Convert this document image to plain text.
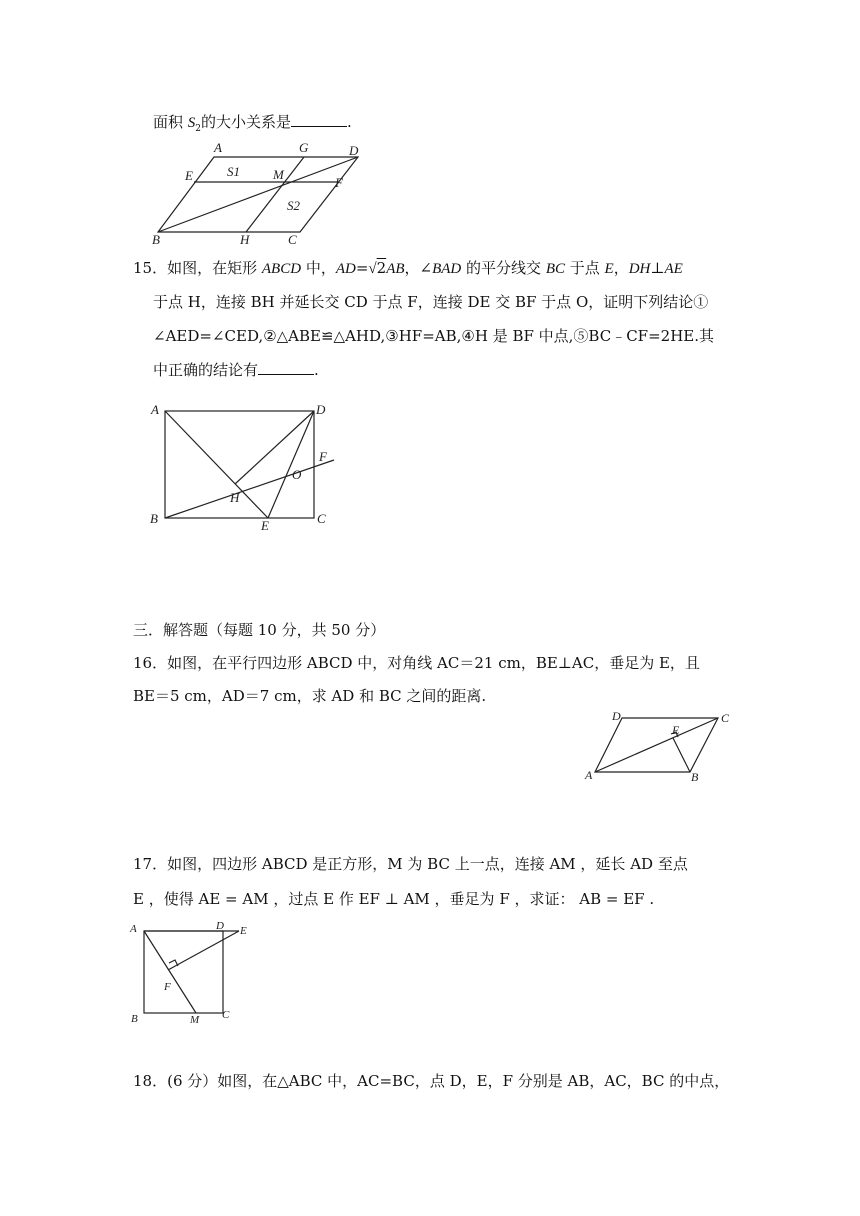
面积 $S_2$的大小关系是	.
A	G	D
E	S1	M
F
S2
B	H	C
15．如图，在矩形 ABCD 中，AD=√2AB，∠BAD 的平分线交 BC 于点 E，DH⊥AE
于点 H，连接 BH 并延长交 CD 于点 F，连接 DE 交 BF 于点 O，证明下列结论①
∠AED=∠CED,②△ABE≌△AHD,③HF=AB,④H 是 BF 中点,⑤BC﹣CF=2HE.其
中正确的结论有	.
A	D
F
O
H
B	E	C
三．解答题（每题 10 分，共 50 分）
16．如图，在平行四边形 ABCD 中，对角线 AC＝21 cm，BE⊥AC，垂足为 E，且
BE＝5 cm，AD＝7 cm，求 AD 和 BC 之间的距离.
D
E
C
A	B
17．如图，四边形 ABCD 是正方形，M 为 BC 上一点，连接 AM ，延长 AD 至点
E ，使得 AE = AM ，过点 E 作 EF ⊥ AM ，垂足为 F ，求证： AB = EF .
A	D E
F
B	M C
18．(6 分）如图，在△ABC 中，AC=BC，点 D，E，F 分别是 AB，AC，BC 的中点，
